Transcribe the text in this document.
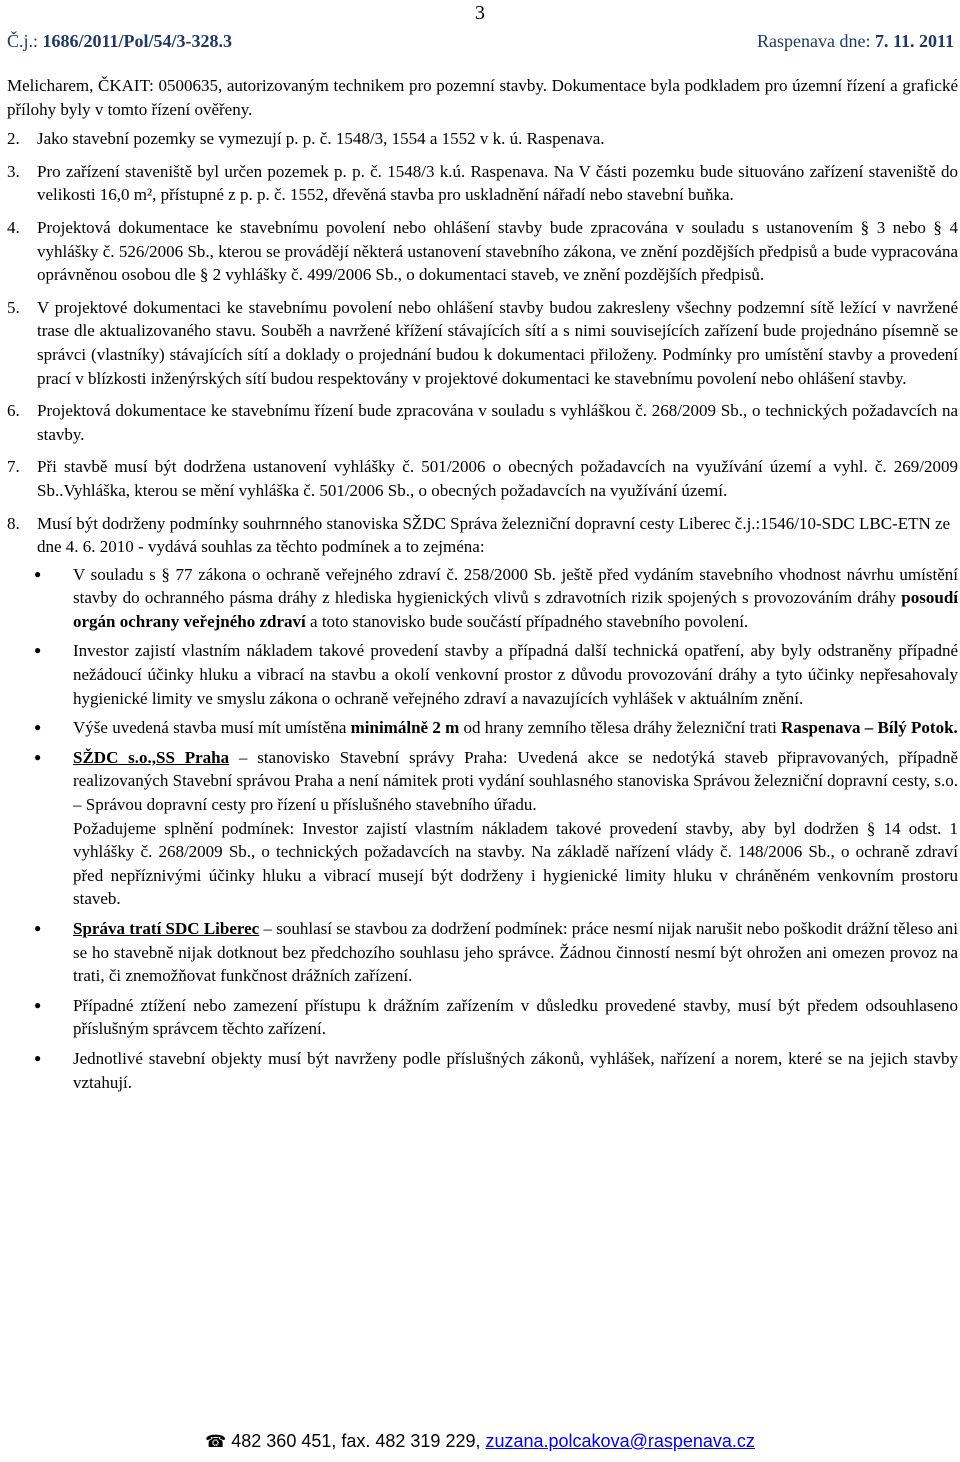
3
Č.j.: 1686/2011/Pol/54/3-328.3	Raspenava dne: 7. 11. 2011

Melicharem, ČKAIT: 0500635, autorizovaným technikem pro pozemní stavby. Dokumentace byla podkladem pro územní řízení a grafické přílohy byly v tomto řízení ověřeny.

2. Jako stavební pozemky se vymezují p. p. č. 1548/3, 1554 a 1552 v k. ú. Raspenava.
3. Pro zařízení staveniště byl určen pozemek p. p. č. 1548/3 k.ú. Raspenava. Na V části pozemku bude situováno zařízení staveniště do velikosti 16,0 m², přístupné z p. p. č. 1552, dřevěná stavba pro uskladnění nářadí nebo stavební buňka.
4. Projektová dokumentace ke stavebnímu povolení nebo ohlášení stavby bude zpracována v souladu s ustanovením § 3 nebo § 4 vyhlášky č. 526/2006 Sb., kterou se provádějí některá ustanovení stavebního zákona, ve znění pozdějších předpisů a bude vypracována oprávněnou osobou dle § 2 vyhlášky č. 499/2006 Sb., o dokumentaci staveb, ve znění pozdějších předpisů.
5. V projektové dokumentaci ke stavebnímu povolení nebo ohlášení stavby budou zakresleny všechny podzemní sítě ležící v navržené trase dle aktualizovaného stavu. Souběh a navržené křížení stávajících sítí a s nimi souvisejících zařízení bude projednáno písemně se správci (vlastníky) stávajících sítí a doklady o projednání budou k dokumentaci přiloženy. Podmínky pro umístění stavby a provedení prací v blízkosti inženýrských sítí budou respektovány v projektové dokumentaci ke stavebnímu povolení nebo ohlášení stavby.
6. Projektová dokumentace ke stavebnímu řízení bude zpracována v souladu s vyhláškou č. 268/2009 Sb., o technických požadavcích na stavby.
7. Při stavbě musí být dodržena ustanovení vyhlášky č. 501/2006 o obecných požadavcích na využívání území a vyhl. č. 269/2009 Sb..Vyhláška, kterou se mění vyhláška č. 501/2006 Sb., o obecných požadavcích na využívání území.
8. Musí být dodrženy podmínky souhrnného stanoviska SŽDC Správa železniční dopravní cesty Liberec č.j.:1546/10-SDC LBC-ETN ze dne 4. 6. 2010 - vydává souhlas za těchto podmínek a to zejména:
● V souladu s § 77 zákona o ochraně veřejného zdraví č. 258/2000 Sb. ještě před vydáním stavebního vhodnost návrhu umístění stavby do ochranného pásma dráhy z hlediska hygienických vlivů s zdravotních rizik spojených s provozováním dráhy posoudí orgán ochrany veřejného zdraví a toto stanovisko bude součástí případného stavebního povolení.
● Investor zajistí vlastním nákladem takové provedení stavby a případná další technická opatření, aby byly odstraněny případné nežádoucí účinky hluku a vibrací na stavbu a okolí venkovní prostor z důvodu provozování dráhy a tyto účinky nepřesahovaly hygienické limity ve smyslu zákona o ochraně veřejného zdraví a navazujících vyhlášek v aktuálním znění.
● Výše uvedená stavba musí mít umístěna minimálně 2 m od hrany zemního tělesa dráhy železniční trati Raspenava – Bílý Potok.
● SŽDC s.o.,SS Praha – stanovisko Stavební správy Praha: Uvedená akce se nedotýká staveb připravovaných, případně realizovaných Stavební správou Praha a není námitek proti vydání souhlasného stanoviska Správou železniční dopravní cesty, s.o. – Správou dopravní cesty pro řízení u příslušného stavebního úřadu.

Požadujeme splnění podmínek: Investor zajistí vlastním nákladem takové provedení stavby, aby byl dodržen § 14 odst. 1 vyhlášky č. 268/2009 Sb., o technických požadavcích na stavby. Na základě nařízení vlády č. 148/2006 Sb., o ochraně zdraví před nepříznivými účinky hluku a vibrací musejí být dodrženy i hygienické limity hluku v chráněném venkovním prostoru staveb.

● Správa tratí SDC Liberec – souhlasí se stavbou za dodržení podmínek: práce nesmí nijak narušit nebo poškodit drážní těleso ani se ho stavebně nijak dotknout bez předchozího souhlasu jeho správce. Žádnou činností nesmí být ohrožen ani omezen provoz na trati, či znemožňovat funkčnost drážních zařízení.
● Případné ztížení nebo zamezení přístupu k drážním zařízením v důsledku provedené stavby, musí být předem odsouhlaseno příslušným správcem těchto zařízení.
● Jednotlivé stavební objekty musí být navrženy podle příslušných zákonů, vyhlášek, nařízení a norem, které se na jejich stavby vztahují.
☎ 482 360 451, fax. 482 319 229, zuzana.polcakova@raspenava.cz
